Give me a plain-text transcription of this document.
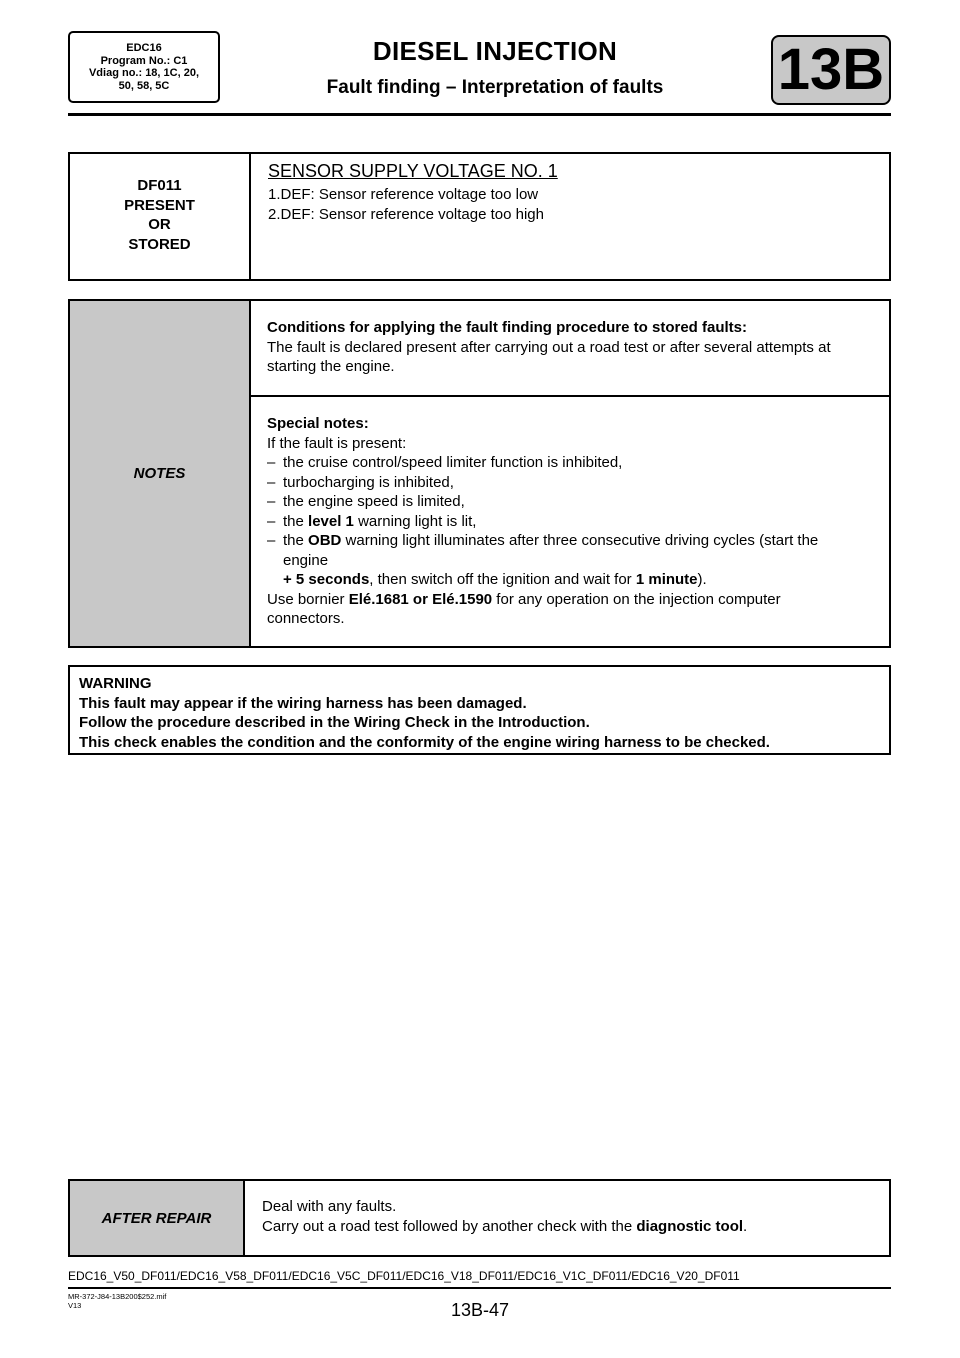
EDC16
Program No.: C1
Vdiag no.: 18, 1C, 20,
50, 58, 5C
DIESEL INJECTION
Fault finding – Interpretation of faults	13B
DF011
PRESENT
OR
STORED
SENSOR SUPPLY VOLTAGE NO. 1
1.DEF: Sensor reference voltage too low
2.DEF: Sensor reference voltage too high
NOTES
Conditions for applying the fault finding procedure to stored faults:
The fault is declared present after carrying out a road test or after several attempts at
starting the engine.
Special notes:
If the fault is present:
– the cruise control/speed limiter function is inhibited,
– turbocharging is inhibited,
– the engine speed is limited,
– the level 1 warning light is lit,
– the OBD warning light illuminates after three consecutive driving cycles (start the
engine
+ 5 seconds, then switch off the ignition and wait for 1 minute).
Use bornier Elé.1681 or Elé.1590 for any operation on the injection computer
connectors.
WARNING
This fault may appear if the wiring harness has been damaged.
Follow the procedure described in the Wiring Check in the Introduction.
This check enables the condition and the conformity of the engine wiring harness to be checked.
AFTER REPAIR
Deal with any faults.
Carry out a road test followed by another check with the diagnostic tool.
EDC16_V50_DF011/EDC16_V58_DF011/EDC16_V5C_DF011/EDC16_V18_DF011/EDC16_V1C_DF011/EDC16_V20_DF011
MR-372-J84-13B200$252.mif
V13	13B-47
